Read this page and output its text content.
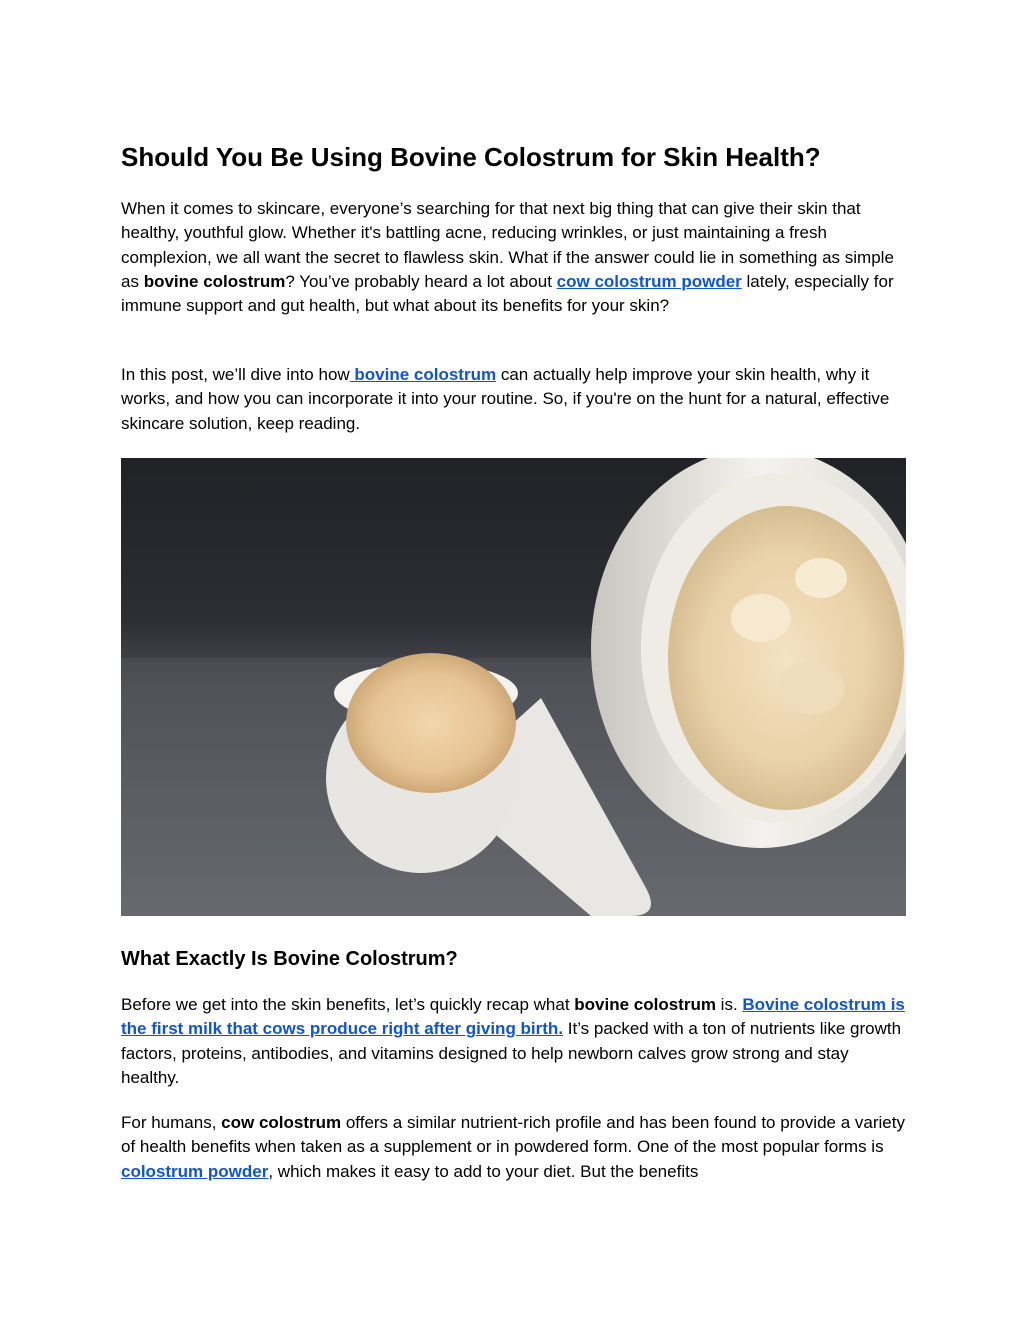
Should You Be Using Bovine Colostrum for Skin Health?

When it comes to skincare, everyone’s searching for that next big thing that can give their skin that healthy, youthful glow. Whether it's battling acne, reducing wrinkles, or just maintaining a fresh complexion, we all want the secret to flawless skin. What if the answer could lie in something as simple as bovine colostrum? You’ve probably heard a lot about cow colostrum powder lately, especially for immune support and gut health, but what about its benefits for your skin?

In this post, we’ll dive into how bovine colostrum can actually help improve your skin health, why it works, and how you can incorporate it into your routine. So, if you're on the hunt for a natural, effective skincare solution, keep reading.

What Exactly Is Bovine Colostrum?

Before we get into the skin benefits, let’s quickly recap what bovine colostrum is. Bovine colostrum is the first milk that cows produce right after giving birth. It’s packed with a ton of nutrients like growth factors, proteins, antibodies, and vitamins designed to help newborn calves grow strong and stay healthy.

For humans, cow colostrum offers a similar nutrient-rich profile and has been found to provide a variety of health benefits when taken as a supplement or in powdered form. One of the most popular forms is colostrum powder, which makes it easy to add to your diet. But the benefits
